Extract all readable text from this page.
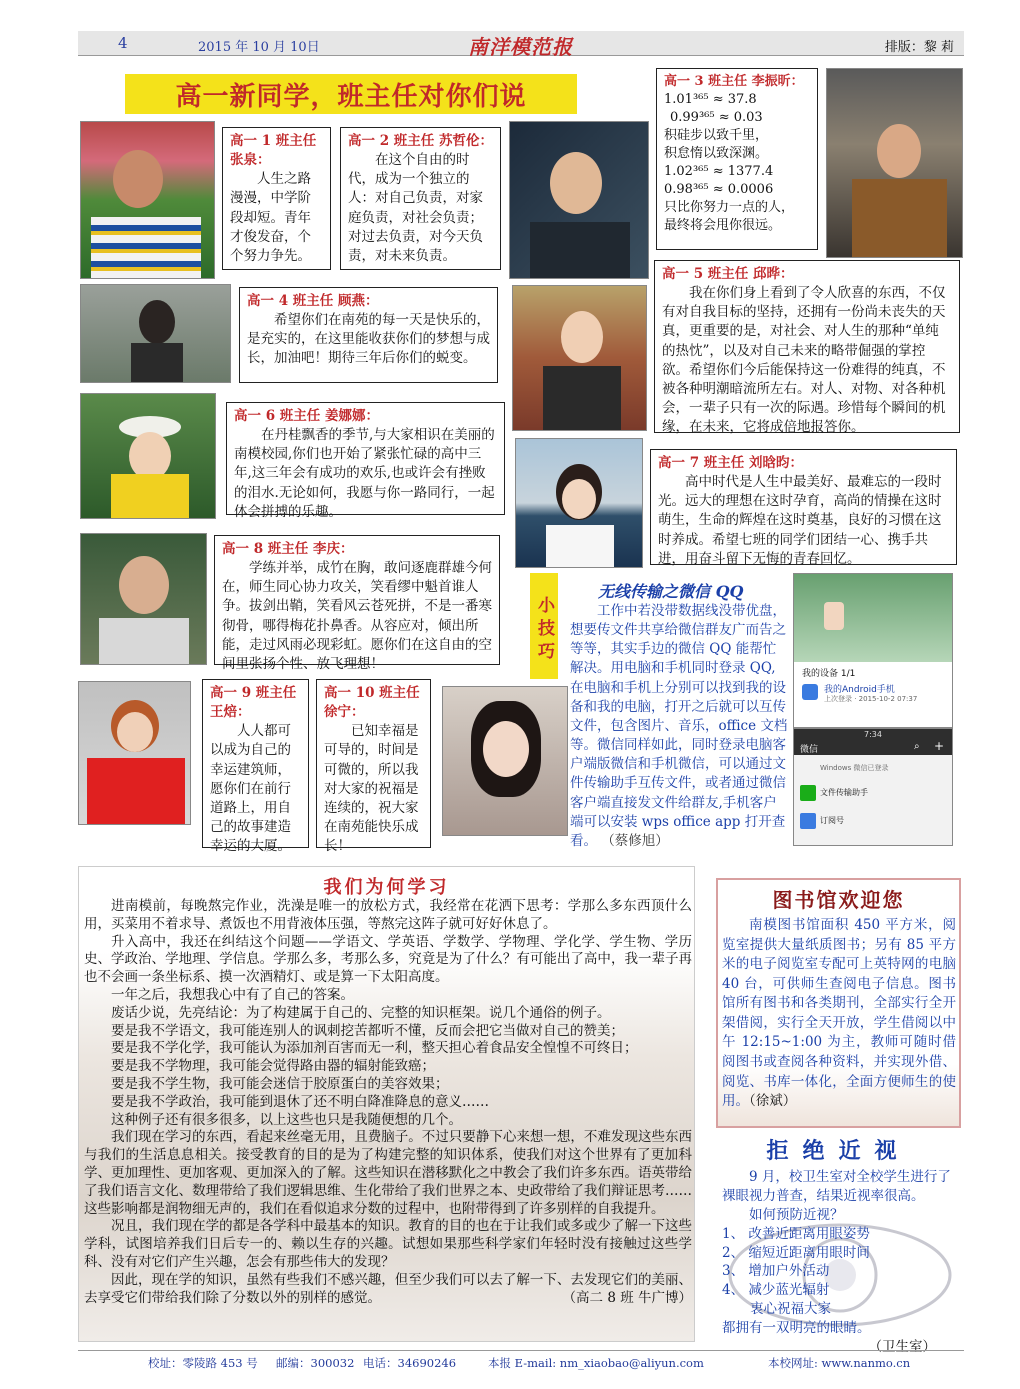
4	2015 年 10 月 10日	南洋模范报	排版：黎 莉
高一新同学，班主任对你们说
高一 1 班主任
张泉：
人生之路漫漫，中学阶段却短。青年才俊发奋，个个努力争先。
高一 2 班主任 苏哲伦：
在这个自由的时代，成为一个独立的人：对自己负责，对家庭负责，对社会负责；对过去负责，对今天负责，对未来负责。
高一 3 班主任 李振昕：
1.01³⁶⁵ ≈ 37.8
0.99³⁶⁵ ≈ 0.03
积硅步以致千里，
积怠惰以致深渊。
1.02³⁶⁵ ≈ 1377.4
0.98³⁶⁵ ≈ 0.0006
只比你努力一点的人，
最终将会甩你很远。
高一 4 班主任 顾燕：
希望你们在南苑的每一天是快乐的，是充实的，在这里能收获你们的梦想与成长，加油吧！期待三年后你们的蜕变。
高一 5 班主任 邱晔：
我在你们身上看到了令人欣喜的东西，不仅有对自我目标的坚持，还拥有一份尚未丧失的天真，更重要的是，对社会、对人生的那种“单纯的热忱”，以及对自己未来的略带倔强的掌控欲。希望你们今后能保持这一份难得的纯真，不被各种明潮暗流所左右。对人、对物、对各种机会，一辈子只有一次的际遇。珍惜每个瞬间的机缘，在未来，它将成倍地报答你。
高一 6 班主任 姜娜娜：
在丹桂飘香的季节,与大家相识在美丽的南模校园,你们也开始了紧张忙碌的高中三年,这三年会有成功的欢乐,也或许会有挫败的泪水.无论如何，我愿与你一路同行，一起体会拼搏的乐趣。
高一 7 班主任 刘晗昀：
高中时代是人生中最美好、最难忘的一段时光。远大的理想在这时孕育，高尚的情操在这时萌生，生命的辉煌在这时奠基，良好的习惯在这时养成。希望七班的同学们团结一心、携手共进，用奋斗留下无悔的青春回忆。
高一 8 班主任 李庆：
学练并举，成竹在胸，敢问逐鹿群雄今何在，师生同心协力攻关，笑看缪中魁首谁人争。拔剑出鞘，笑看风云苍死拼，不是一番寒彻骨，哪得梅花扑鼻香。从容应对，倾出所能，走过风雨必现彩虹。愿你们在这自由的空间里张扬个性、放飞理想！
高一 9 班主任
王焙：
人人都可以成为自己的幸运建筑师，愿你们在前行道路上，用自己的故事建造幸运的大厦。
高一 10 班主任
徐宁：
已知幸福是可导的，时间是可微的，所以我对大家的祝福是连续的，祝大家在南苑能快乐成长！
小技巧
无线传输之微信 QQ
工作中若没带数据线没带优盘，想要传文件共享给微信群友广而告之等等，其实手边的微信 QQ 能帮忙解决。用电脑和手机同时登录 QQ,在电脑和手机上分别可以找到我的设备和我的电脑，打开之后就可以互传文件，包含图片、音乐，office 文档等。微信同样如此，同时登录电脑客户端版微信和手机微信，可以通过文件传输助手互传文件，或者通过微信客户端直接发文件给群友,手机客户端可以安装 wps office app 打开查看。 （蔡修旭）
我的设备 1/1
我的Android手机
上次登录 · 2015-10-2 07:37
7:34
微信	⌕ +
Windows 微信已登录
文件传输助手
订阅号
我们为何学习

进南模前，每晚熬完作业，洗澡是唯一的放松方式，我经常在花洒下思考：学那么多东西顶什么用，买菜用不着求导、煮饭也不用背液体压强，等熬完这阵子就可好好休息了。

升入高中，我还在纠结这个问题——学语文、学英语、学数学、学物理、学化学、学生物、学历史、学政治、学地理、学信息。学那么多，考那么多，究竟是为了什么？有可能出了高中，我一辈子再也不会画一条坐标系、摸一次酒精灯、或是算一下太阳高度。

一年之后，我想我心中有了自己的答案。

废话少说，先亮结论：为了构建属于自己的、完整的知识框架。说几个通俗的例子。

要是我不学语文，我可能连别人的讽刺挖苦都听不懂，反而会把它当做对自己的赞美；

要是我不学化学，我可能认为添加剂百害而无一利，整天担心着食品安全惶惶不可终日；

要是我不学物理，我可能会觉得路由器的辐射能致癌；

要是我不学生物，我可能会迷信于胶原蛋白的美容效果；

要是我不学政治，我可能到退休了还不明白降准降息的意义……

这种例子还有很多很多，以上这些也只是我随便想的几个。

我们现在学习的东西，看起来丝毫无用，且费脑子。不过只要静下心来想一想，不难发现这些东西与我们的生活息息相关。接受教育的目的是为了构建完整的知识体系，使我们对这个世界有了更加科学、更加理性、更加客观、更加深入的了解。这些知识在潜移默化之中教会了我们许多东西。语英带给了我们语言文化、数理带给了我们逻辑思维、生化带给了我们世界之本、史政带给了我们辩证思考……这些影响都是润物细无声的，我们在看似追求分数的过程中，也附带得到了许多别样的自我提升。

况且，我们现在学的都是各学科中最基本的知识。教育的目的也在于让我们或多或少了解一下这些学科，试图培养我们日后专一的、赖以生存的兴趣。试想如果那些科学家们年轻时没有接触过这些学科、没有对它们产生兴趣，怎会有那些伟大的发现？

因此，现在学的知识，虽然有些我们不感兴趣，但至少我们可以去了解一下、去发现它们的美丽、去享受它们带给我们除了分数以外的别样的感觉。	（高二 8 班 牛广博）

图书馆欢迎您
南模图书馆面积 450 平方米，阅览室提供大量纸质图书；另有 85 平方米的电子阅览室专配可上英特网的电脑 40 台，可供师生查阅电子信息。图书馆所有图书和各类期刊，全部实行全开架借阅，实行全天开放，学生借阅以中午 12:15~1:00 为主，教师可随时借阅图书或查阅各种资料，并实现外借、阅览、书库一体化，全面方便师生的使用。（徐斌）
拒绝近视
9 月，校卫生室对全校学生进行了裸眼视力普查，结果近视率很高。
如何预防近视？
1、 改善近距离用眼姿势
2、 缩短近距离用眼时间
3、 增加户外活动
4、 减少蓝光辐射
衷心祝福大家
都拥有一双明亮的眼睛。
（卫生室）
校址：零陵路 453 号 邮编：300032 电话：34690246	本报 E-mail: nm_xiaobao@aliyun.com	本校网址: www.nanmo.cn
